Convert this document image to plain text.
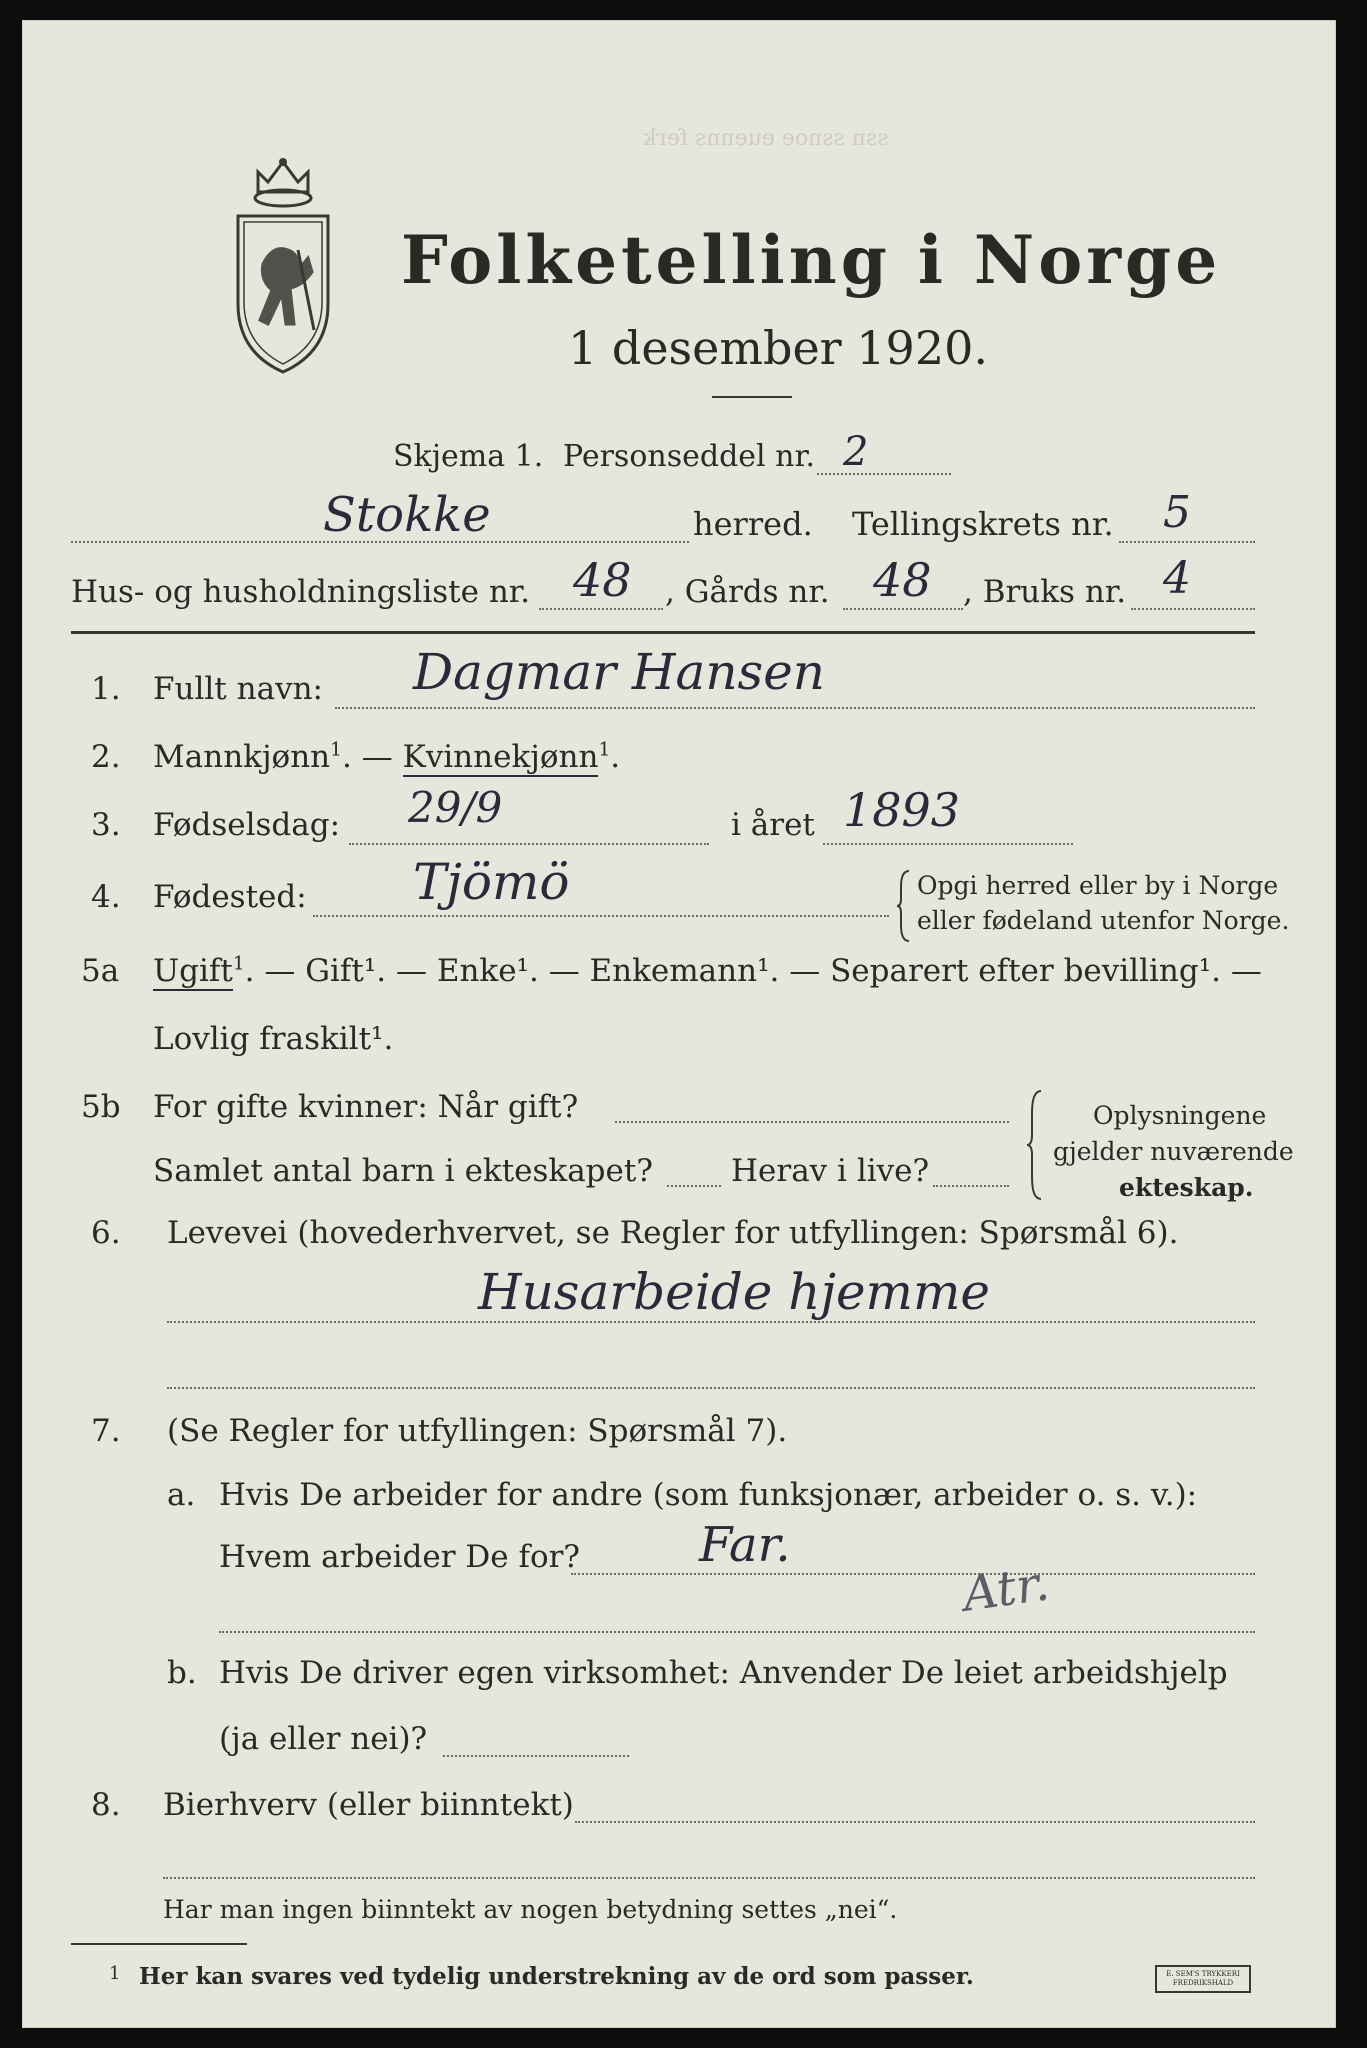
ssn ssnoe euenns ferk
Folketelling i Norge
1 desember 1920.
Skjema 1. Personseddel nr. 2
Stokke	herred. Tellingskrets nr. 5
Hus- og husholdningsliste nr. 48 , Gårds nr. 48 , Bruks nr. 4
1. Fullt navn: Dagmar Hansen
2. Mannkjønn$^1$. — Kvinnekjønn$^1$.
3. Fødselsdag: 29/9	i året 1893
4. Fødested: Tjömö	Opgi herred eller by i Norge
eller fødeland utenfor Norge.
5a Ugift$^1$. — Gift¹. — Enke¹. — Enkemann¹. — Separert efter bevilling¹. —
Lovlig fraskilt¹.
5b For gifte kvinner: Når gift?
Samlet antal barn i ekteskapet?	Herav i live?
Oplysningene
gjelder nuværende
ekteskap.
6. Levevei (hovederhvervet, se Regler for utfyllingen: Spørsmål 6).
Husarbeide hjemme
7. (Se Regler for utfyllingen: Spørsmål 7).
a. Hvis De arbeider for andre (som funksjonær, arbeider o. s. v.):
Hvem arbeider De for? Far.
Atr.
b. Hvis De driver egen virksomhet: Anvender De leiet arbeidshjelp
(ja eller nei)?
8. Bierhverv (eller biinntekt)
Har man ingen biinntekt av nogen betydning settes „nei“.
1 Her kan svares ved tydelig understrekning av de ord som passer.	E. SEM'S TRYKKERI
FREDRIKSHALD
